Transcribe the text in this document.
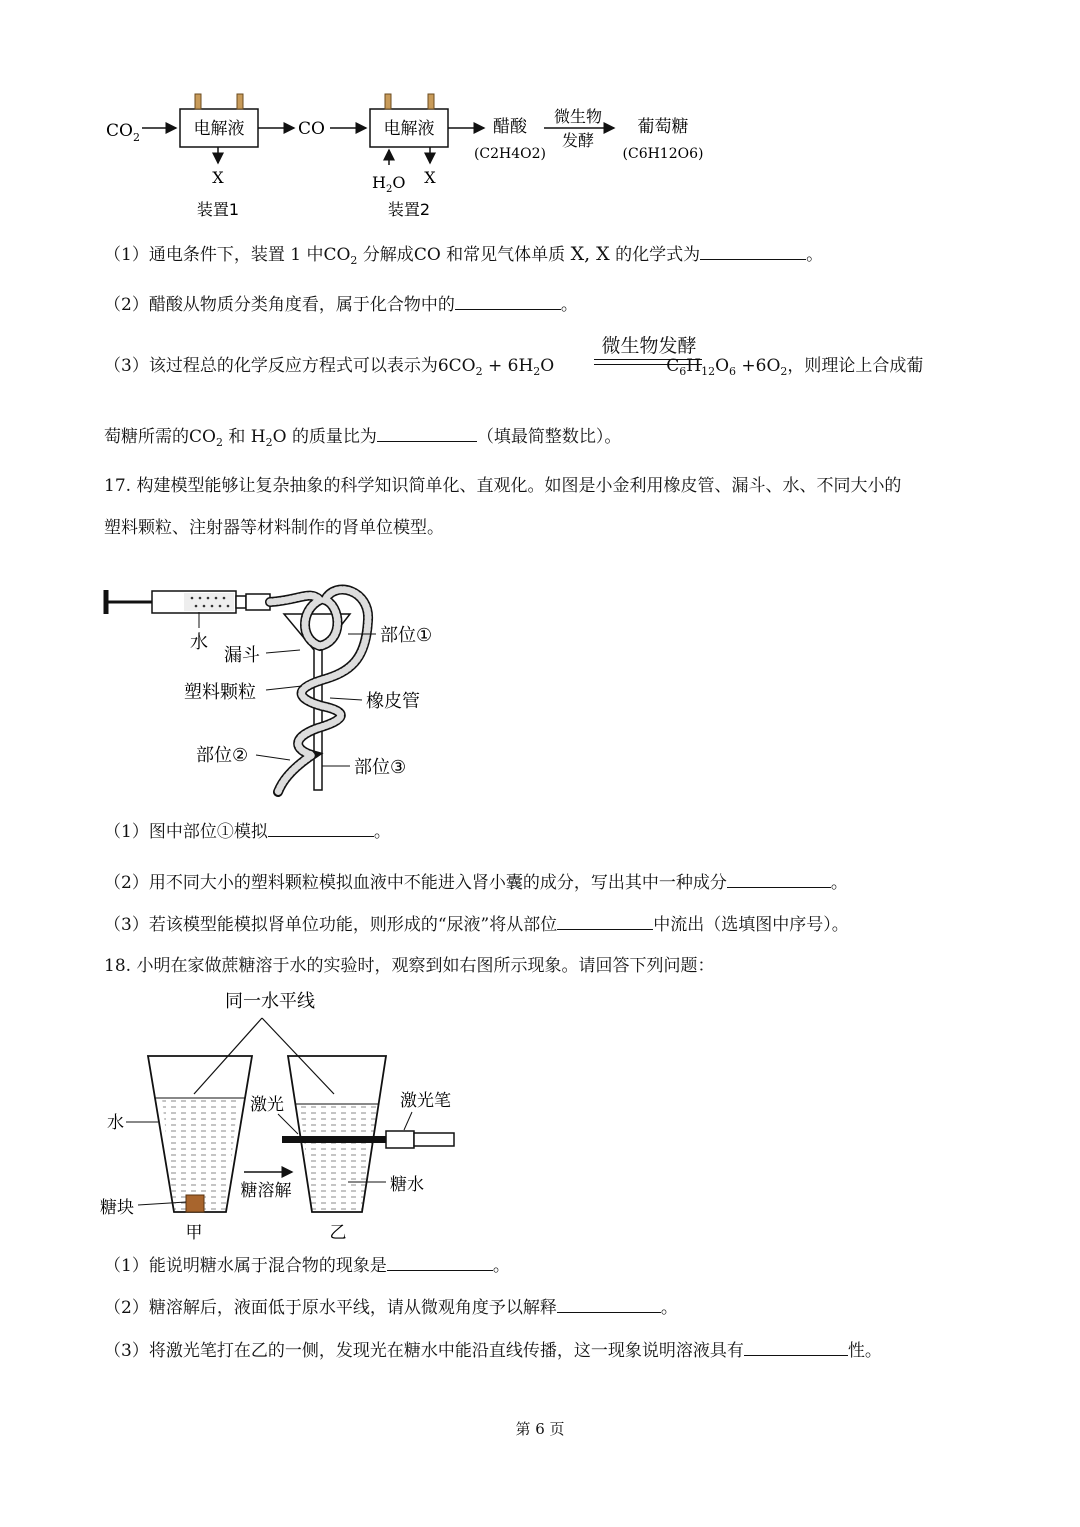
$CO_2$	电解液
X
装置1
CO	电解液
$H_2O$ X
装置2
醋酸
(C2H4O2)
微生物
发酵
葡萄糖
(C6H12O6)
（1）通电条件下，装置 1 中$CO_2$ 分解成CO 和常见气体单质 X, X 的化学式为	。
（2）醋酸从物质分类角度看，属于化合物中的	。
微生物发酵
（3）该过程总的化学反应方程式可以表示为$6CO_2 + 6H_2O$	$C_6H_{12}O_6 +6O_2$，则理论上合成葡
萄糖所需的$CO_2$ 和 $H_2O$ 的质量比为	（填最简整数比）。
17. 构建模型能够让复杂抽象的科学知识简单化、直观化。如图是小金利用橡皮管、漏斗、水、不同大小的
塑料颗粒、注射器等材料制作的肾单位模型。
水
漏斗
塑料颗粒
部位①
橡皮管
部位②
部位③
（1）图中部位①模拟	。
（2）用不同大小的塑料颗粒模拟血液中不能进入肾小囊的成分，写出其中一种成分	。
（3）若该模型能模拟肾单位功能，则形成的“尿液”将从部位	中流出（选填图中序号）。
18. 小明在家做蔗糖溶于水的实验时，观察到如右图所示现象。请回答下列问题：
同一水平线
水
糖块
甲
糖溶解
激光	激光笔
糖水
乙
（1）能说明糖水属于混合物的现象是	。
（2）糖溶解后，液面低于原水平线，请从微观角度予以解释	。
（3）将激光笔打在乙的一侧，发现光在糖水中能沿直线传播，这一现象说明溶液具有	性。
第 6 页
